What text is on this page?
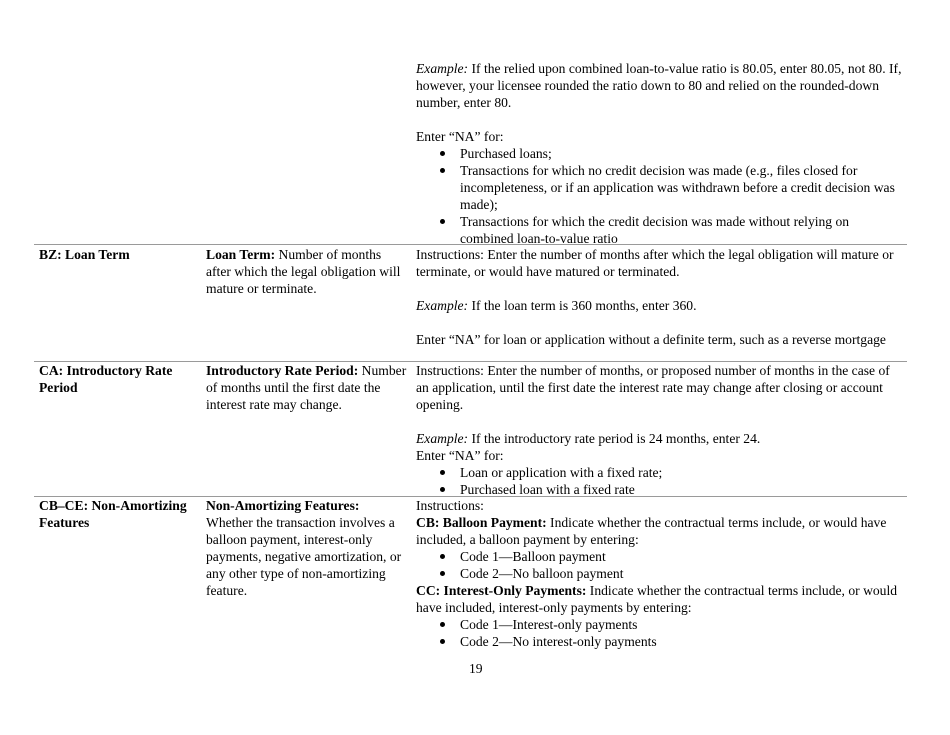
Example: If the relied upon combined loan-to-value ratio is 80.05, enter 80.05, not 80. If, however, your licensee rounded the ratio down to 80 and relied on the rounded-down number, enter 80.

Enter “NA” for:

Purchased loans;
Transactions for which no credit decision was made (e.g., files closed for incompleteness, or if an application was withdrawn before a credit decision was made);
Transactions for which the credit decision was made without relying on combined loan-to-value ratio
BZ: Loan Term	Loan Term: Number of months after which the legal obligation will mature or terminate.

Instructions: Enter the number of months after which the legal obligation will mature or terminate, or would have matured or terminated.

Example: If the loan term is 360 months, enter 360.

Enter “NA” for loan or application without a definite term, such as a reverse mortgage

CA: Introductory Rate Period
Introductory Rate Period: Number of months until the first date the interest rate may change.

Instructions: Enter the number of months, or proposed number of months in the case of an application, until the first date the interest rate may change after closing or account opening.

Example: If the introductory rate period is 24 months, enter 24.

Enter “NA” for:

Loan or application with a fixed rate;
Purchased loan with a fixed rate
CB–CE: Non-Amortizing Features
Non-Amortizing Features: Whether the transaction involves a balloon payment, interest-only payments, negative amortization, or any other type of non-amortizing feature.

Instructions:

CB: Balloon Payment: Indicate whether the contractual terms include, or would have included, a balloon payment by entering:

Code 1—Balloon payment
Code 2—No balloon payment

CC: Interest-Only Payments: Indicate whether the contractual terms include, or would have included, interest-only payments by entering:

Code 1—Interest-only payments
Code 2—No interest-only payments
19
